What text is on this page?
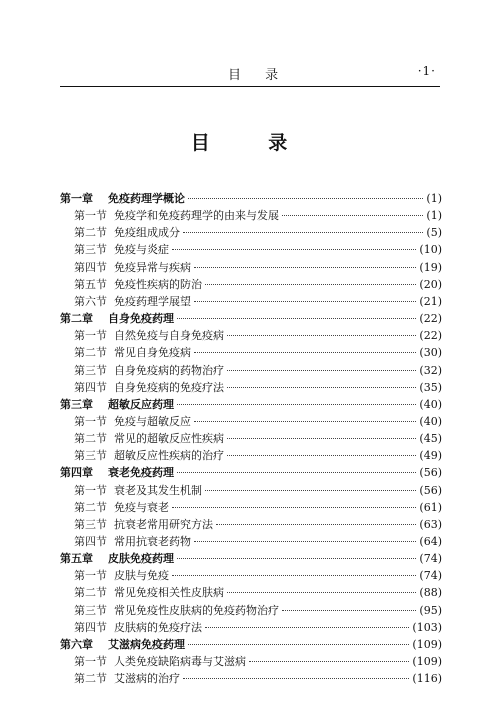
目 录	·1·
目 录
第一章	免疫药理学概论	(1)
第一节 免疫学和免疫药理学的由来与发展	(1)
第二节 免疫组成成分	(5)
第三节 免疫与炎症	(10)
第四节 免疫异常与疾病	(19)
第五节 免疫性疾病的防治	(20)
第六节 免疫药理学展望	(21)
第二章	自身免疫药理	(22)
第一节 自然免疫与自身免疫病	(22)
第二节 常见自身免疫病	(30)
第三节 自身免疫病的药物治疗	(32)
第四节 自身免疫病的免疫疗法	(35)
第三章	超敏反应药理	(40)
第一节 免疫与超敏反应	(40)
第二节 常见的超敏反应性疾病	(45)
第三节 超敏反应性疾病的治疗	(49)
第四章	衰老免疫药理	(56)
第一节 衰老及其发生机制	(56)
第二节 免疫与衰老	(61)
第三节 抗衰老常用研究方法	(63)
第四节 常用抗衰老药物	(64)
第五章	皮肤免疫药理	(74)
第一节 皮肤与免疫	(74)
第二节 常见免疫相关性皮肤病	(88)
第三节 常见免疫性皮肤病的免疫药物治疗	(95)
第四节 皮肤病的免疫疗法	(103)
第六章	艾滋病免疫药理	(109)
第一节 人类免疫缺陷病毒与艾滋病	(109)
第二节 艾滋病的治疗	(116)
